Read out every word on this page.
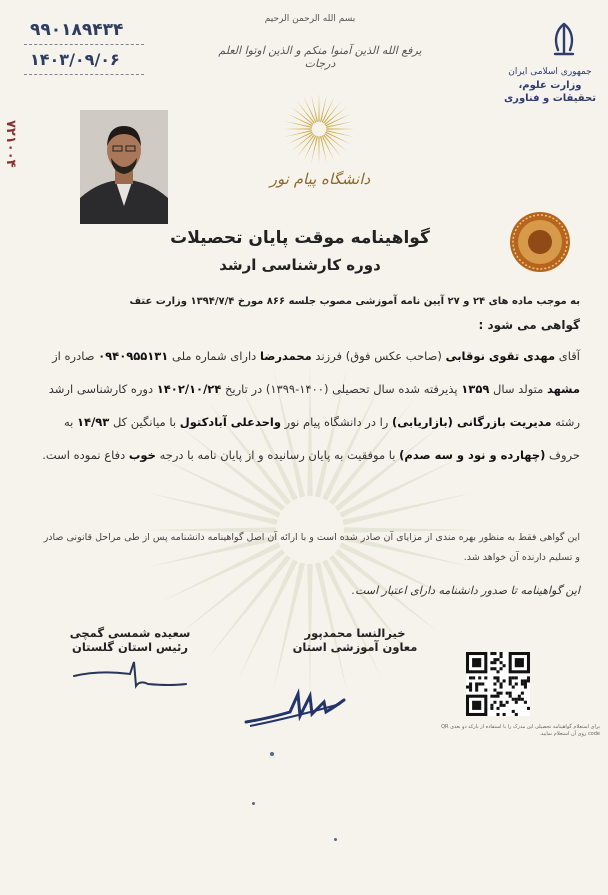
۹۹۰۱۸۹۴۳۴
۱۴۰۳/۰۹/۰۶
۷۲۱۰۰۴
بسم الله الرحمن الرحیم
یرفع الله الذین آمنوا منکم و الذین اوتوا العلم درجات
دانشگاه پیام نور
جمهوری اسلامی ایران
وزارت علوم، تحقیقات و فناوری
گواهینامه موقت پایان تحصیلات
دوره کارشناسی ارشد
به موجب ماده های ۲۴ و ۲۷ آیین نامه آموزشی مصوب جلسه ۸۶۶ مورخ ۱۳۹۴/۷/۴ وزارت عتف
گواهی می شود :
آقای مهدی تقوی نوقابی (صاحب عکس فوق) فرزند محمدرضا دارای شماره ملی ۰۹۴۰۹۵۵۱۳۱ صادره از مشهد متولد سال ۱۳۵۹ پذیرفته شده سال تحصیلی (۱۴۰۰-۱۳۹۹) در تاریخ ۱۴۰۲/۱۰/۲۴ دوره کارشناسی ارشد رشته مدیریت بازرگانی (بازاریابی) را در دانشگاه پیام نور واحدعلی آبادکتول با میانگین کل ۱۴/۹۳ به حروف (چهارده و نود و سه صدم) با موفقیت به پایان رسانیده و از پایان نامه با درجه خوب دفاع نموده است.
این گواهی فقط به منظور بهره مندی از مزایای آن صادر شده است و با ارائه آن اصل گواهینامه دانشنامه پس از طی مراحل قانونی صادر و تسلیم دارنده آن خواهد شد.
این گواهینامه تا صدور دانشنامه دارای اعتبار است.
خیرالنسا محمدپور
معاون آموزشی استان
سعیده شمسی گمچی
رئیس استان گلستان
برای استعلام گواهینامه تحصیلی این مدرک را با استفاده از بارکد دو بعدی QR code روی آن استعلام نمایید.
